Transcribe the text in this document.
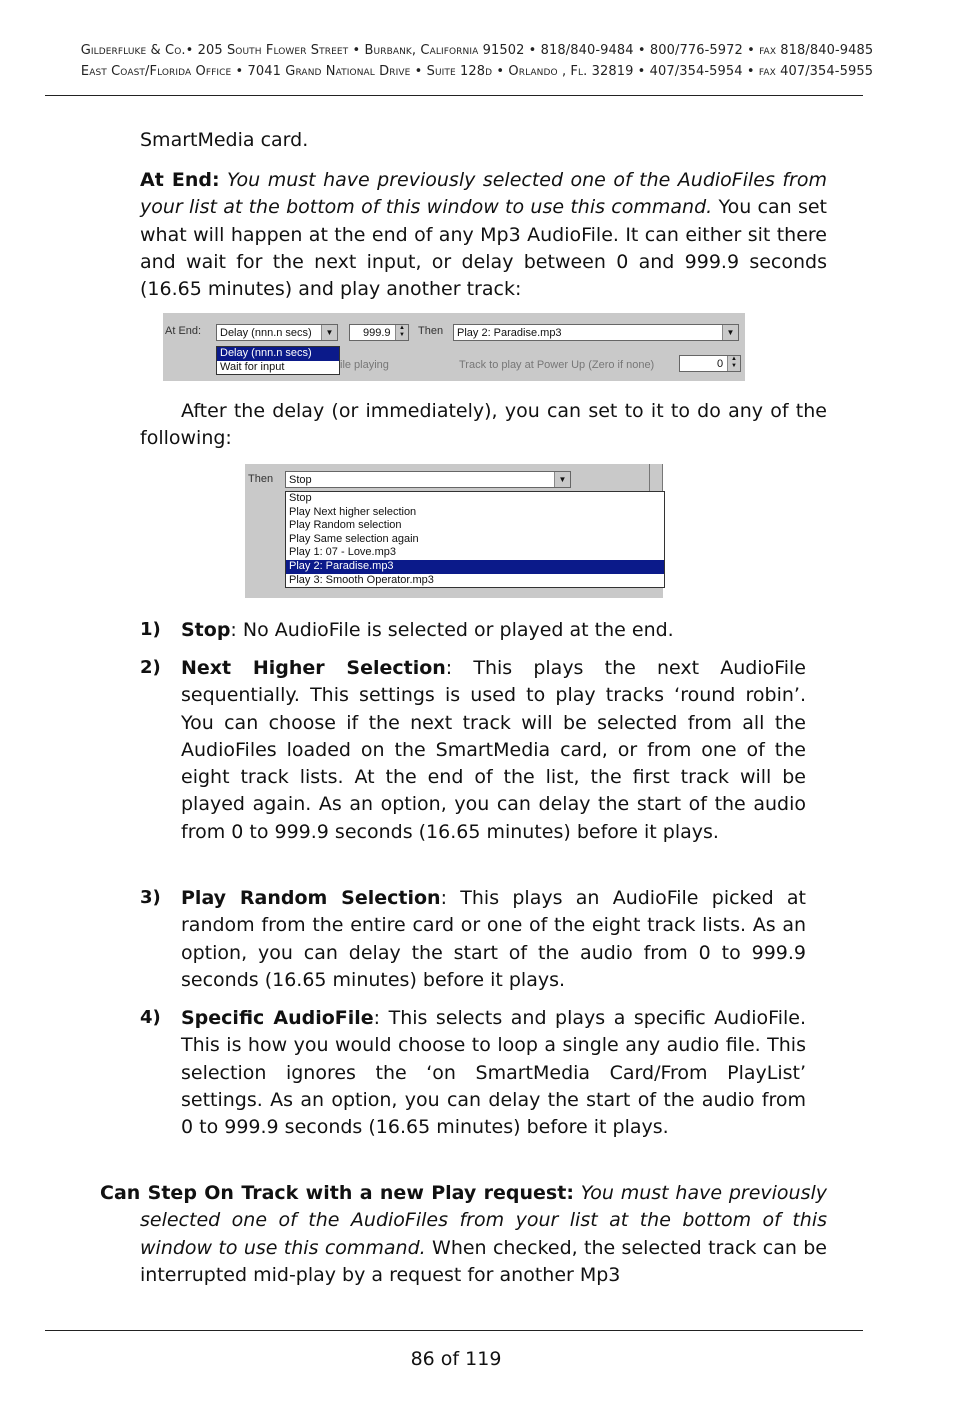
Gilderfluke & Co.• 205 South Flower Street • Burbank, California 91502 • 818/840-9484 • 800/776-5972 • fax 818/840-9485
East Coast/Florida Office • 7041 Grand National Drive • Suite 128d • Orlando , Fl. 32819 • 407/354-5954 • fax 407/354-5955
SmartMedia card.
At End: You must have previously selected one of the AudioFiles from your list at the bottom of this window to use this command. You can set what will happen at the end of any Mp3 AudioFile. It can either sit there and wait for the next input, or delay between 0 and 999.9 seconds (16.65 minutes) and play another track:
At End:	Delay (nnn.n secs)	▼	999.9	▲
▼ Then	Play 2: Paradise.mp3	▼
Delay (nnn.n secs)
Wait for input	ile playing	Track to play at Power Up (Zero if none)	0	▲
▼
After the delay (or immediately), you can set to it to do any of the following:
Then	Stop	▼
Stop
Play Next higher selection
Play Random selection
Play Same selection again
Play 1: 07 - Love.mp3
Play 2: Paradise.mp3
Play 3: Smooth Operator.mp3
1) Stop: No AudioFile is selected or played at the end.
2) Next Higher Selection: This plays the next AudioFile sequentially. This settings is used to play tracks ‘round robin’. You can choose if the next track will be selected from all the AudioFiles loaded on the SmartMedia card, or from one of the eight track lists. At the end of the list, the first track will be played again. As an option, you can delay the start of the audio from 0 to 999.9 seconds (16.65 minutes) before it plays.
3) Play Random Selection: This plays an AudioFile picked at random from the entire card or one of the eight track lists. As an option, you can delay the start of the audio from 0 to 999.9 seconds (16.65 minutes) before it plays.
4) Specific AudioFile: This selects and plays a specific AudioFile. This is how you would choose to loop a single any audio file. This selection ignores the ‘on SmartMedia Card/From PlayList’ settings. As an option, you can delay the start of the audio from 0 to 999.9 seconds (16.65 minutes) before it plays.
Can Step On Track with a new Play request: You must have previously selected one of the AudioFiles from your list at the bottom of this window to use this command. When checked, the selected track can be interrupted mid-play by a request for another Mp3
86 of 119
